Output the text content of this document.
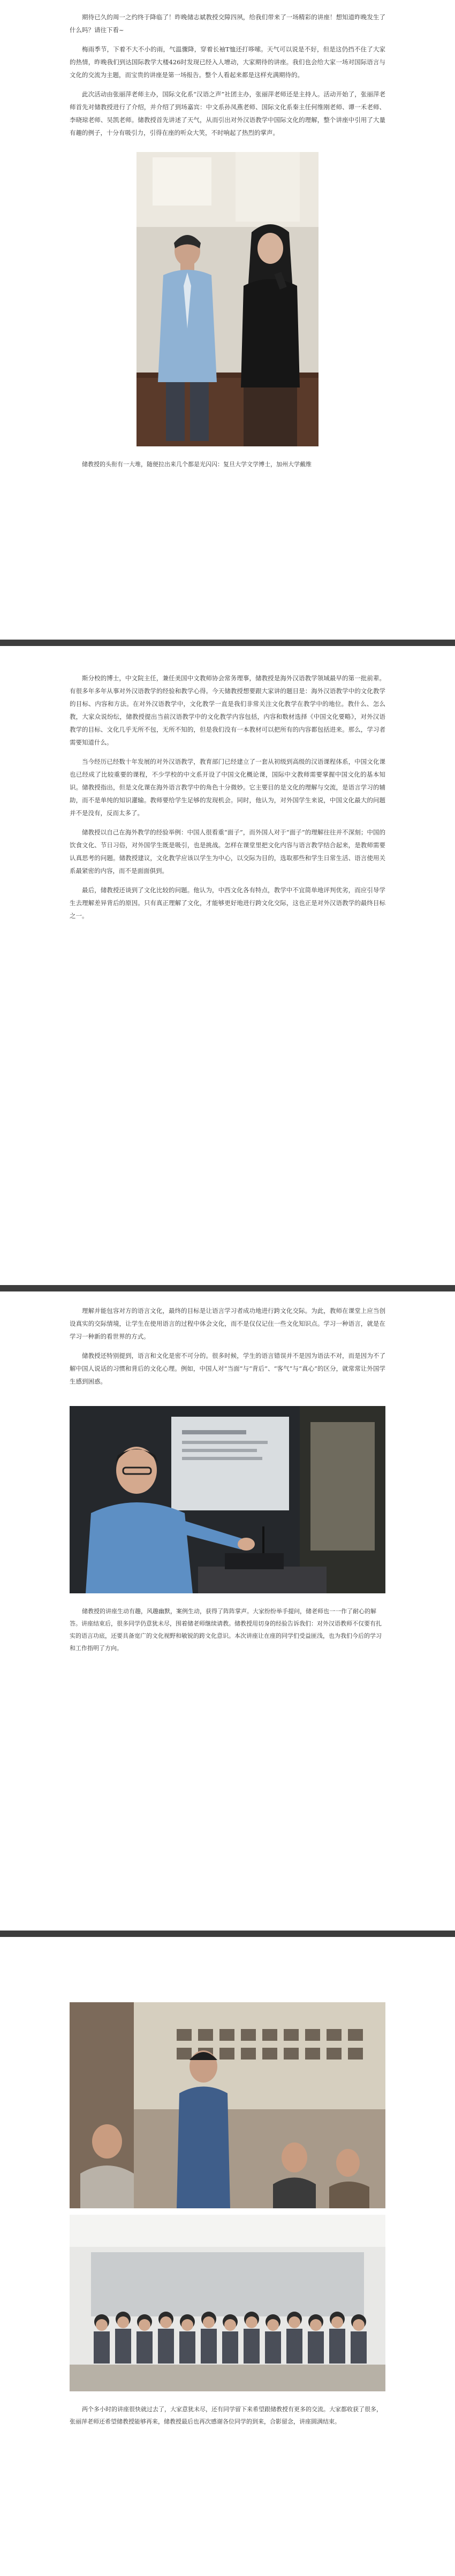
期待已久的周一之约终于降临了！昨晚储志斌教授交障四夙，给我们带来了一场精彩的讲座！想知道昨晚发生了什么吗？请往下看~

梅雨季节，下着不大不小的雨，气温骤降，穿着长袖T恤还打哆嗦。天气可以说是不好，但是这仍挡不住了大家的热情，昨晚我们到达国际教学大楼426时发现已经入人增动，大家期待的讲座。我们也会给大家一场对国际语言与文化的交流为主题，而宝贵的讲座是第一场报告。整个人看起来都是这样充满期待的。

此次活动由张丽萍老师主办，国际文化系“汉语之声”社团主办，张丽萍老师还是主持人。活动开始了，张丽萍老师首先对储教授进行了介绍，并介绍了到场嘉宾：中文系孙凤燕老师、国际文化系秦主任何维刚老师、谭一禾老师、李晓琼老师、吴凯老师。储教授首先讲述了天气，从而引出对外汉语教学中国际文化的理解，整个讲座中引用了大量有趣的例子，十分有吸引力，引得在座的听众大笑，不时响起了热烈的掌声。

储教授的头衔有一大堆，随便拉出来几个都是光闪闪：复旦大学文学博士，加州大学戴维

斯分校的博士，中文院主任，兼任美国中文教师协会常务理事，储教授是海外汉语教学领域最早的第一批前辈。有很多年多年从事对外汉语教学的经验和教学心得。今天储教授想要跟大家讲的题目是：海外汉语教学中的文化教学的目标、内容和方法。在对外汉语教学中，文化教学一直是我们非常关注文化教学在教学中的地位。教什么、怎么教，大家众说纷纭，储教授提出当前汉语教学中的文化教学内容包括，内容和数材选择《中国文化要略》，对外汉语教学的目标、文化几乎无所不包，无所不知的，但是我们没有一本教材可以把所有的内容都包括进来。那么，学习者需要知道什么。

当今经历已经数十年发展的对外汉语教学，教育部门已经建立了一套从初级到高级的汉语课程体系，中国文化课也已经成了比较重要的课程，不少学校的中文系开设了中国文化概论课，国际中文教师需要掌握中国文化的基本知识。储教授指出，但是文化课在海外语言教学中的角色十分微妙。它主要目的是文化的理解与交流，是语言学习的辅助，而不是单纯的知识灌输。教师要给学生足够的发现机会。同时，他认为，对外国学生来说，中国文化最大的问题并不是没有，反而太多了。

储教授以自己在海外教学的经验举例：中国人很看重“面子”，而外国人对于“面子”的理解往往并不深刻；中国的饮食文化、节日习俗，对外国学生既是吸引，也是挑战。怎样在课堂里把文化内容与语言教学结合起来，是教师需要认真思考的问题。储教授建议，文化教学应该以学生为中心，以交际为目的，选取那些和学生日常生活、语言使用关系最紧密的内容，而不是面面俱到。

最后，储教授还谈到了文化比较的问题。他认为，中西文化各有特点，教学中不宜简单地评判优劣，而应引导学生去理解差异背后的原因。只有真正理解了文化，才能够更好地进行跨文化交际，这也正是对外汉语教学的最终目标之一。

理解并能包容对方的语言文化，最终的目标是让语言学习者成功地进行跨文化交际。为此，教师在课堂上应当创设真实的交际情境，让学生在使用语言的过程中体会文化，而不是仅仅记住一些文化知识点。学习一种语言，就是在学习一种新的看世界的方式。

储教授还特别提到，语言和文化是密不可分的。很多时候，学生的语言错误并不是因为语法不对，而是因为不了解中国人说话的习惯和背后的文化心理。例如，中国人对“当面”与“背后”、“客气”与“真心”的区分，就常常让外国学生感到困惑。

储教授的讲座生动有趣，风趣幽默，案例生动，获得了阵阵掌声。大家纷纷举手提问，储老师也一一作了耐心的解答。讲座结束后，很多同学仍意犹未尽，围着储老师继续请教。储教授用切身的经验告诉我们：对外汉语教师不仅要有扎实的语言功底，还要具备宽广的文化视野和敏锐的跨文化意识。本次讲座让在座的同学们受益匪浅，也为我们今后的学习和工作指明了方向。

两个多小时的讲座很快就过去了，大家意犹未尽，还有同学留下来希望跟储教授有更多的交流。大家都收获了很多，张丽萍老师还希望储教授能够再来，储教授最后也再次感谢各位同学的到来，合影留念，讲座圆满结束。
